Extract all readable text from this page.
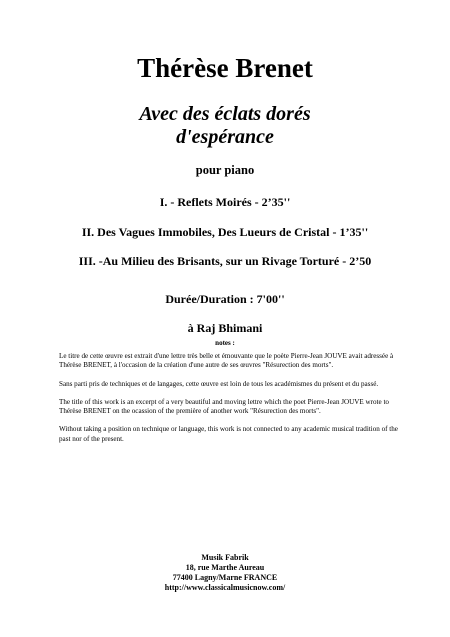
Thérèse Brenet
Avec des éclats dorés
d'espérance
pour piano
I. - Reflets Moirés - 2’35''
II. Des Vagues Immobiles, Des Lueurs de Cristal - 1’35''
III. -Au Milieu des Brisants, sur un Rivage Torturé - 2’50
Durée/Duration : 7'00''
à Raj Bhimani
notes :

Le titre de cette œuvre est extrait d'une lettre très belle et émouvante que le poète Pierre-Jean JOUVE avait adressée à Thérèse BRENET, à l'occasion de la création d'une autre de ses œuvres "Résurection des morts".

Sans parti pris de techniques et de langages, cette œuvre est loin de tous les académismes du présent et du passé.

The title of this work is an excerpt of a very beautiful and moving lettre which the poet Pierre-Jean JOUVE wrote to Thérèse BRENET on the ocassion of the première of another work "Résurection des morts".

Without taking a position on technique or language, this work is not connected to any academic musical tradition of the past nor of the present.

Musik Fabrik
18, rue Marthe Aureau
77400 Lagny/Marne FRANCE
http://www.classicalmusicnow.com/
